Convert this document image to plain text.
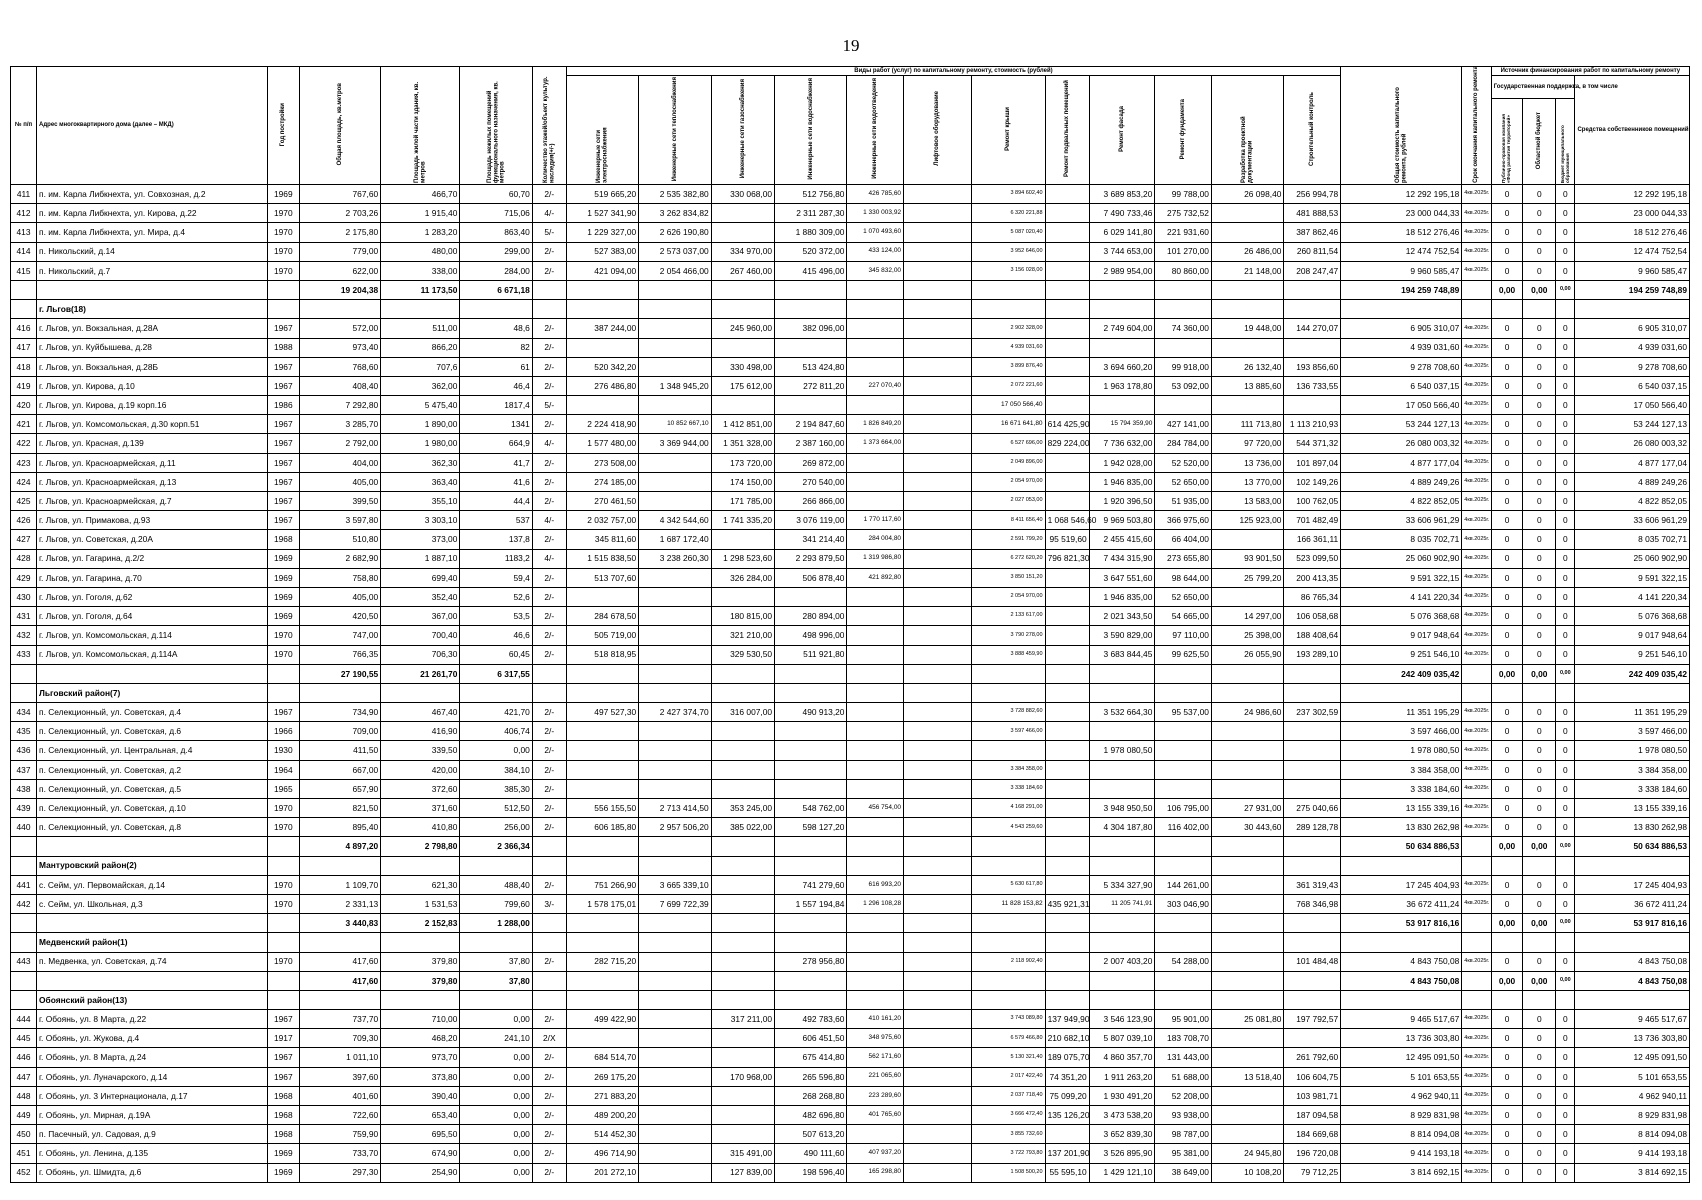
19
№ п/п	Адрес многоквартирного дома (далее – МКД)	Год постройки	Общая площадь, кв.метров	Площадь жилой части здания, кв. метров	Площадь нежилых помещений функционального назначения, кв. метров	Количество этажей/объект культур. наследия(+/-)	Виды работ (услуг) по капитальному ремонту, стоимость (рублей)												Общая стоимость капитального ремонта, рублей	Срок окончания капитального ремонта	Источник финансирования работ по капитальному ремонту			
							Инженерные сети электроснабжения	Инженерные сети теплоснабжения	Инженерные сети газоснабжения	Инженерные сети водоснабжения	Инженерные сети водоотведения	Лифтовое оборудование	Ремонт крыши	Ремонт подвальных помещений	Ремонт фасада	Ремонт фундамента	Разработка проектной документации	Строительный контроль			Государственная поддержка, в том числе			Средства собственников помещений
																					Публично-правовая компания «Фонд развития территорий»	Областной бюджет	Бюджет муниципального образования	
411	п. им. Карла Либкнехта, ул. Совхозная, д.2	1969	767,60	466,70	60,70	2/-	519 665,20	2 535 382,80	330 068,00	512 756,80	426 785,60		3 894 602,40		3 689 853,20	99 788,00	26 098,40	256 994,78	12 292 195,18	4кв.2025г.	0	0	0	12 292 195,18
412	п. им. Карла Либкнехта, ул. Кирова, д.22	1970	2 703,26	1 915,40	715,06	4/-	1 527 341,90	3 262 834,82		2 311 287,30	1 330 003,92		6 320 221,88		7 490 733,46	275 732,52		481 888,53	23 000 044,33	4кв.2025г.	0	0	0	23 000 044,33
413	п. им. Карла Либкнехта, ул. Мира, д.4	1970	2 175,80	1 283,20	863,40	5/-	1 229 327,00	2 626 190,80		1 880 309,00	1 070 493,60		5 087 020,40		6 029 141,80	221 931,60		387 862,46	18 512 276,46	4кв.2025г.	0	0	0	18 512 276,46
414	п. Никольский, д.14	1970	779,00	480,00	299,00	2/-	527 383,00	2 573 037,00	334 970,00	520 372,00	433 124,00		3 952 646,00		3 744 653,00	101 270,00	26 486,00	260 811,54	12 474 752,54	4кв.2025г.	0	0	0	12 474 752,54
415	п. Никольский, д.7	1970	622,00	338,00	284,00	2/-	421 094,00	2 054 466,00	267 460,00	415 496,00	345 832,00		3 156 028,00		2 989 954,00	80 860,00	21 148,00	208 247,47	9 960 585,47	4кв.2025г.	0	0	0	9 960 585,47
			19 204,38	11 173,50	6 671,18														194 259 748,89		0,00	0,00	0,00	194 259 748,89
	г. Льгов(18)																							
416	г. Льгов, ул. Вокзальная, д.28А	1967	572,00	511,00	48,6	2/-	387 244,00		245 960,00	382 096,00			2 902 328,00		2 749 604,00	74 360,00	19 448,00	144 270,07	6 905 310,07	4кв.2025г.	0	0	0	6 905 310,07
417	г. Льгов, ул. Куйбышева, д.28	1988	973,40	866,20	82	2/-							4 939 031,60						4 939 031,60	4кв.2025г.	0	0	0	4 939 031,60
418	г. Льгов, ул. Вокзальная, д.28Б	1967	768,60	707,6	61	2/-	520 342,20		330 498,00	513 424,80			3 899 876,40		3 694 660,20	99 918,00	26 132,40	193 856,60	9 278 708,60	4кв.2025г.	0	0	0	9 278 708,60
419	г. Льгов, ул. Кирова, д.10	1967	408,40	362,00	46,4	2/-	276 486,80	1 348 945,20	175 612,00	272 811,20	227 070,40		2 072 221,60		1 963 178,80	53 092,00	13 885,60	136 733,55	6 540 037,15	4кв.2025г.	0	0	0	6 540 037,15
420	г. Льгов, ул. Кирова, д.19 корп.16	1986	7 292,80	5 475,40	1817,4	5/-							17 050 566,40						17 050 566,40	4кв.2025г.	0	0	0	17 050 566,40
421	г. Льгов, ул. Комсомольская, д.30 корп.51	1967	3 285,70	1 890,00	1341	2/-	2 224 418,90	10 852 667,10	1 412 851,00	2 194 847,60	1 826 849,20		16 671 641,80	614 425,90	15 794 359,90	427 141,00	111 713,80	1 113 210,93	53 244 127,13	4кв.2025г.	0	0	0	53 244 127,13
422	г. Льгов, ул. Красная, д.139	1967	2 792,00	1 980,00	664,9	4/-	1 577 480,00	3 369 944,00	1 351 328,00	2 387 160,00	1 373 664,00		6 527 696,00	829 224,00	7 736 632,00	284 784,00	97 720,00	544 371,32	26 080 003,32	4кв.2025г.	0	0	0	26 080 003,32
423	г. Льгов, ул. Красноармейская, д.11	1967	404,00	362,30	41,7	2/-	273 508,00		173 720,00	269 872,00			2 049 896,00		1 942 028,00	52 520,00	13 736,00	101 897,04	4 877 177,04	4кв.2025г.	0	0	0	4 877 177,04
424	г. Льгов, ул. Красноармейская, д.13	1967	405,00	363,40	41,6	2/-	274 185,00		174 150,00	270 540,00			2 054 970,00		1 946 835,00	52 650,00	13 770,00	102 149,26	4 889 249,26	4кв.2025г.	0	0	0	4 889 249,26
425	г. Льгов, ул. Красноармейская, д.7	1967	399,50	355,10	44,4	2/-	270 461,50		171 785,00	266 866,00			2 027 053,00		1 920 396,50	51 935,00	13 583,00	100 762,05	4 822 852,05	4кв.2025г.	0	0	0	4 822 852,05
426	г. Льгов, ул. Примакова, д.93	1967	3 597,80	3 303,10	537	4/-	2 032 757,00	4 342 544,60	1 741 335,20	3 076 119,00	1 770 117,60		8 411 656,40	1 068 546,60	9 969 503,80	366 975,60	125 923,00	701 482,49	33 606 961,29	4кв.2025г.	0	0	0	33 606 961,29
427	г. Льгов, ул. Советская, д.20А	1968	510,80	373,00	137,8	2/-	345 811,60	1 687 172,40		341 214,40	284 004,80		2 591 799,20	95 519,60	2 455 415,60	66 404,00		166 361,11	8 035 702,71	4кв.2025г.	0	0	0	8 035 702,71
428	г. Льгов, ул. Гагарина, д.2/2	1969	2 682,90	1 887,10	1183,2	4/-	1 515 838,50	3 238 260,30	1 298 523,60	2 293 879,50	1 319 986,80		6 272 620,20	796 821,30	7 434 315,90	273 655,80	93 901,50	523 099,50	25 060 902,90	4кв.2025г.	0	0	0	25 060 902,90
429	г. Льгов, ул. Гагарина, д.70	1969	758,80	699,40	59,4	2/-	513 707,60		326 284,00	506 878,40	421 892,80		3 850 151,20		3 647 551,60	98 644,00	25 799,20	200 413,35	9 591 322,15	4кв.2025г.	0	0	0	9 591 322,15
430	г. Льгов, ул. Гоголя, д.62	1969	405,00	352,40	52,6	2/-							2 054 970,00		1 946 835,00	52 650,00		86 765,34	4 141 220,34	4кв.2025г.	0	0	0	4 141 220,34
431	г. Льгов, ул. Гоголя, д.64	1969	420,50	367,00	53,5	2/-	284 678,50		180 815,00	280 894,00			2 133 617,00		2 021 343,50	54 665,00	14 297,00	106 058,68	5 076 368,68	4кв.2025г.	0	0	0	5 076 368,68
432	г. Льгов, ул. Комсомольская, д.114	1970	747,00	700,40	46,6	2/-	505 719,00		321 210,00	498 996,00			3 790 278,00		3 590 829,00	97 110,00	25 398,00	188 408,64	9 017 948,64	4кв.2025г.	0	0	0	9 017 948,64
433	г. Льгов, ул. Комсомольская, д.114А	1970	766,35	706,30	60,45	2/-	518 818,95		329 530,50	511 921,80			3 888 459,90		3 683 844,45	99 625,50	26 055,90	193 289,10	9 251 546,10	4кв.2025г.	0	0	0	9 251 546,10
			27 190,55	21 261,70	6 317,55														242 409 035,42		0,00	0,00	0,00	242 409 035,42
	Льговский район(7)																							
434	п. Селекционный, ул. Советская, д.4	1967	734,90	467,40	421,70	2/-	497 527,30	2 427 374,70	316 007,00	490 913,20			3 728 882,60		3 532 664,30	95 537,00	24 986,60	237 302,59	11 351 195,29	4кв.2025г.	0	0	0	11 351 195,29
435	п. Селекционный, ул. Советская, д.6	1966	709,00	416,90	406,74	2/-							3 597 466,00						3 597 466,00	4кв.2025г.	0	0	0	3 597 466,00
436	п. Селекционный, ул. Центральная, д.4	1930	411,50	339,50	0,00	2/-									1 978 080,50				1 978 080,50	4кв.2025г.	0	0	0	1 978 080,50
437	п. Селекционный, ул. Советская, д.2	1964	667,00	420,00	384,10	2/-							3 384 358,00						3 384 358,00	4кв.2025г.	0	0	0	3 384 358,00
438	п. Селекционный, ул. Советская, д.5	1965	657,90	372,60	385,30	2/-							3 338 184,60						3 338 184,60	4кв.2025г.	0	0	0	3 338 184,60
439	п. Селекционный, ул. Советская, д.10	1970	821,50	371,60	512,50	2/-	556 155,50	2 713 414,50	353 245,00	548 762,00	456 754,00		4 168 291,00		3 948 950,50	106 795,00	27 931,00	275 040,66	13 155 339,16	4кв.2025г.	0	0	0	13 155 339,16
440	п. Селекционный, ул. Советская, д.8	1970	895,40	410,80	256,00	2/-	606 185,80	2 957 506,20	385 022,00	598 127,20			4 543 259,60		4 304 187,80	116 402,00	30 443,60	289 128,78	13 830 262,98	4кв.2025г.	0	0	0	13 830 262,98
			4 897,20	2 798,80	2 366,34														50 634 886,53		0,00	0,00	0,00	50 634 886,53
	Мантуровский район(2)																							
441	с. Сейм, ул. Первомайская, д.14	1970	1 109,70	621,30	488,40	2/-	751 266,90	3 665 339,10		741 279,60	616 993,20		5 630 617,80		5 334 327,90	144 261,00		361 319,43	17 245 404,93	4кв.2025г.	0	0	0	17 245 404,93
442	с. Сейм, ул. Школьная, д.3	1970	2 331,13	1 531,53	799,60	3/-	1 578 175,01	7 699 722,39		1 557 194,84	1 296 108,28		11 828 153,82	435 921,31	11 205 741,91	303 046,90		768 346,98	36 672 411,24	4кв.2025г.	0	0	0	36 672 411,24
			3 440,83	2 152,83	1 288,00														53 917 816,16		0,00	0,00	0,00	53 917 816,16
	Медвенский район(1)																							
443	п. Медвенка, ул. Советская, д.74	1970	417,60	379,80	37,80	2/-	282 715,20			278 956,80			2 118 902,40		2 007 403,20	54 288,00		101 484,48	4 843 750,08	4кв.2025г.	0	0	0	4 843 750,08
			417,60	379,80	37,80														4 843 750,08		0,00	0,00	0,00	4 843 750,08
	Обоянский район(13)																							
444	г. Обоянь, ул. 8 Марта, д.22	1967	737,70	710,00	0,00	2/-	499 422,90		317 211,00	492 783,60	410 161,20		3 743 089,80	137 949,90	3 546 123,90	95 901,00	25 081,80	197 792,57	9 465 517,67	4кв.2025г.	0	0	0	9 465 517,67
445	г. Обоянь, ул. Жукова, д.4	1917	709,30	468,20	241,10	2/Х				606 451,50	348 975,60		6 579 466,80	210 682,10	5 807 039,10	183 708,70			13 736 303,80	4кв.2025г.	0	0	0	13 736 303,80
446	г. Обоянь, ул. 8 Марта, д.24	1967	1 011,10	973,70	0,00	2/-	684 514,70			675 414,80	562 171,60		5 130 321,40	189 075,70	4 860 357,70	131 443,00		261 792,60	12 495 091,50	4кв.2025г.	0	0	0	12 495 091,50
447	г. Обоянь, ул. Луначарского, д.14	1967	397,60	373,80	0,00	2/-	269 175,20		170 968,00	265 596,80	221 065,60		2 017 422,40	74 351,20	1 911 263,20	51 688,00	13 518,40	106 604,75	5 101 653,55	4кв.2025г.	0	0	0	5 101 653,55
448	г. Обоянь, ул. 3 Интернационала, д.17	1968	401,60	390,40	0,00	2/-	271 883,20			268 268,80	223 289,60		2 037 718,40	75 099,20	1 930 491,20	52 208,00		103 981,71	4 962 940,11	4кв.2025г.	0	0	0	4 962 940,11
449	г. Обоянь, ул. Мирная, д.19А	1968	722,60	653,40	0,00	2/-	489 200,20			482 696,80	401 765,60		3 666 472,40	135 126,20	3 473 538,20	93 938,00		187 094,58	8 929 831,98	4кв.2025г.	0	0	0	8 929 831,98
450	п. Пасечный, ул. Садовая, д.9	1968	759,90	695,50	0,00	2/-	514 452,30			507 613,20			3 855 732,60		3 652 839,30	98 787,00		184 669,68	8 814 094,08	4кв.2025г.	0	0	0	8 814 094,08
451	г. Обоянь, ул. Ленина, д.135	1969	733,70	674,90	0,00	2/-	496 714,90		315 491,00	490 111,60	407 937,20		3 722 793,80	137 201,90	3 526 895,90	95 381,00	24 945,80	196 720,08	9 414 193,18	4кв.2025г.	0	0	0	9 414 193,18
452	г. Обоянь, ул. Шмидта, д.6	1969	297,30	254,90	0,00	2/-	201 272,10		127 839,00	198 596,40	165 298,80		1 508 500,20	55 595,10	1 429 121,10	38 649,00	10 108,20	79 712,25	3 814 692,15	4кв.2025г.	0	0	0	3 814 692,15
